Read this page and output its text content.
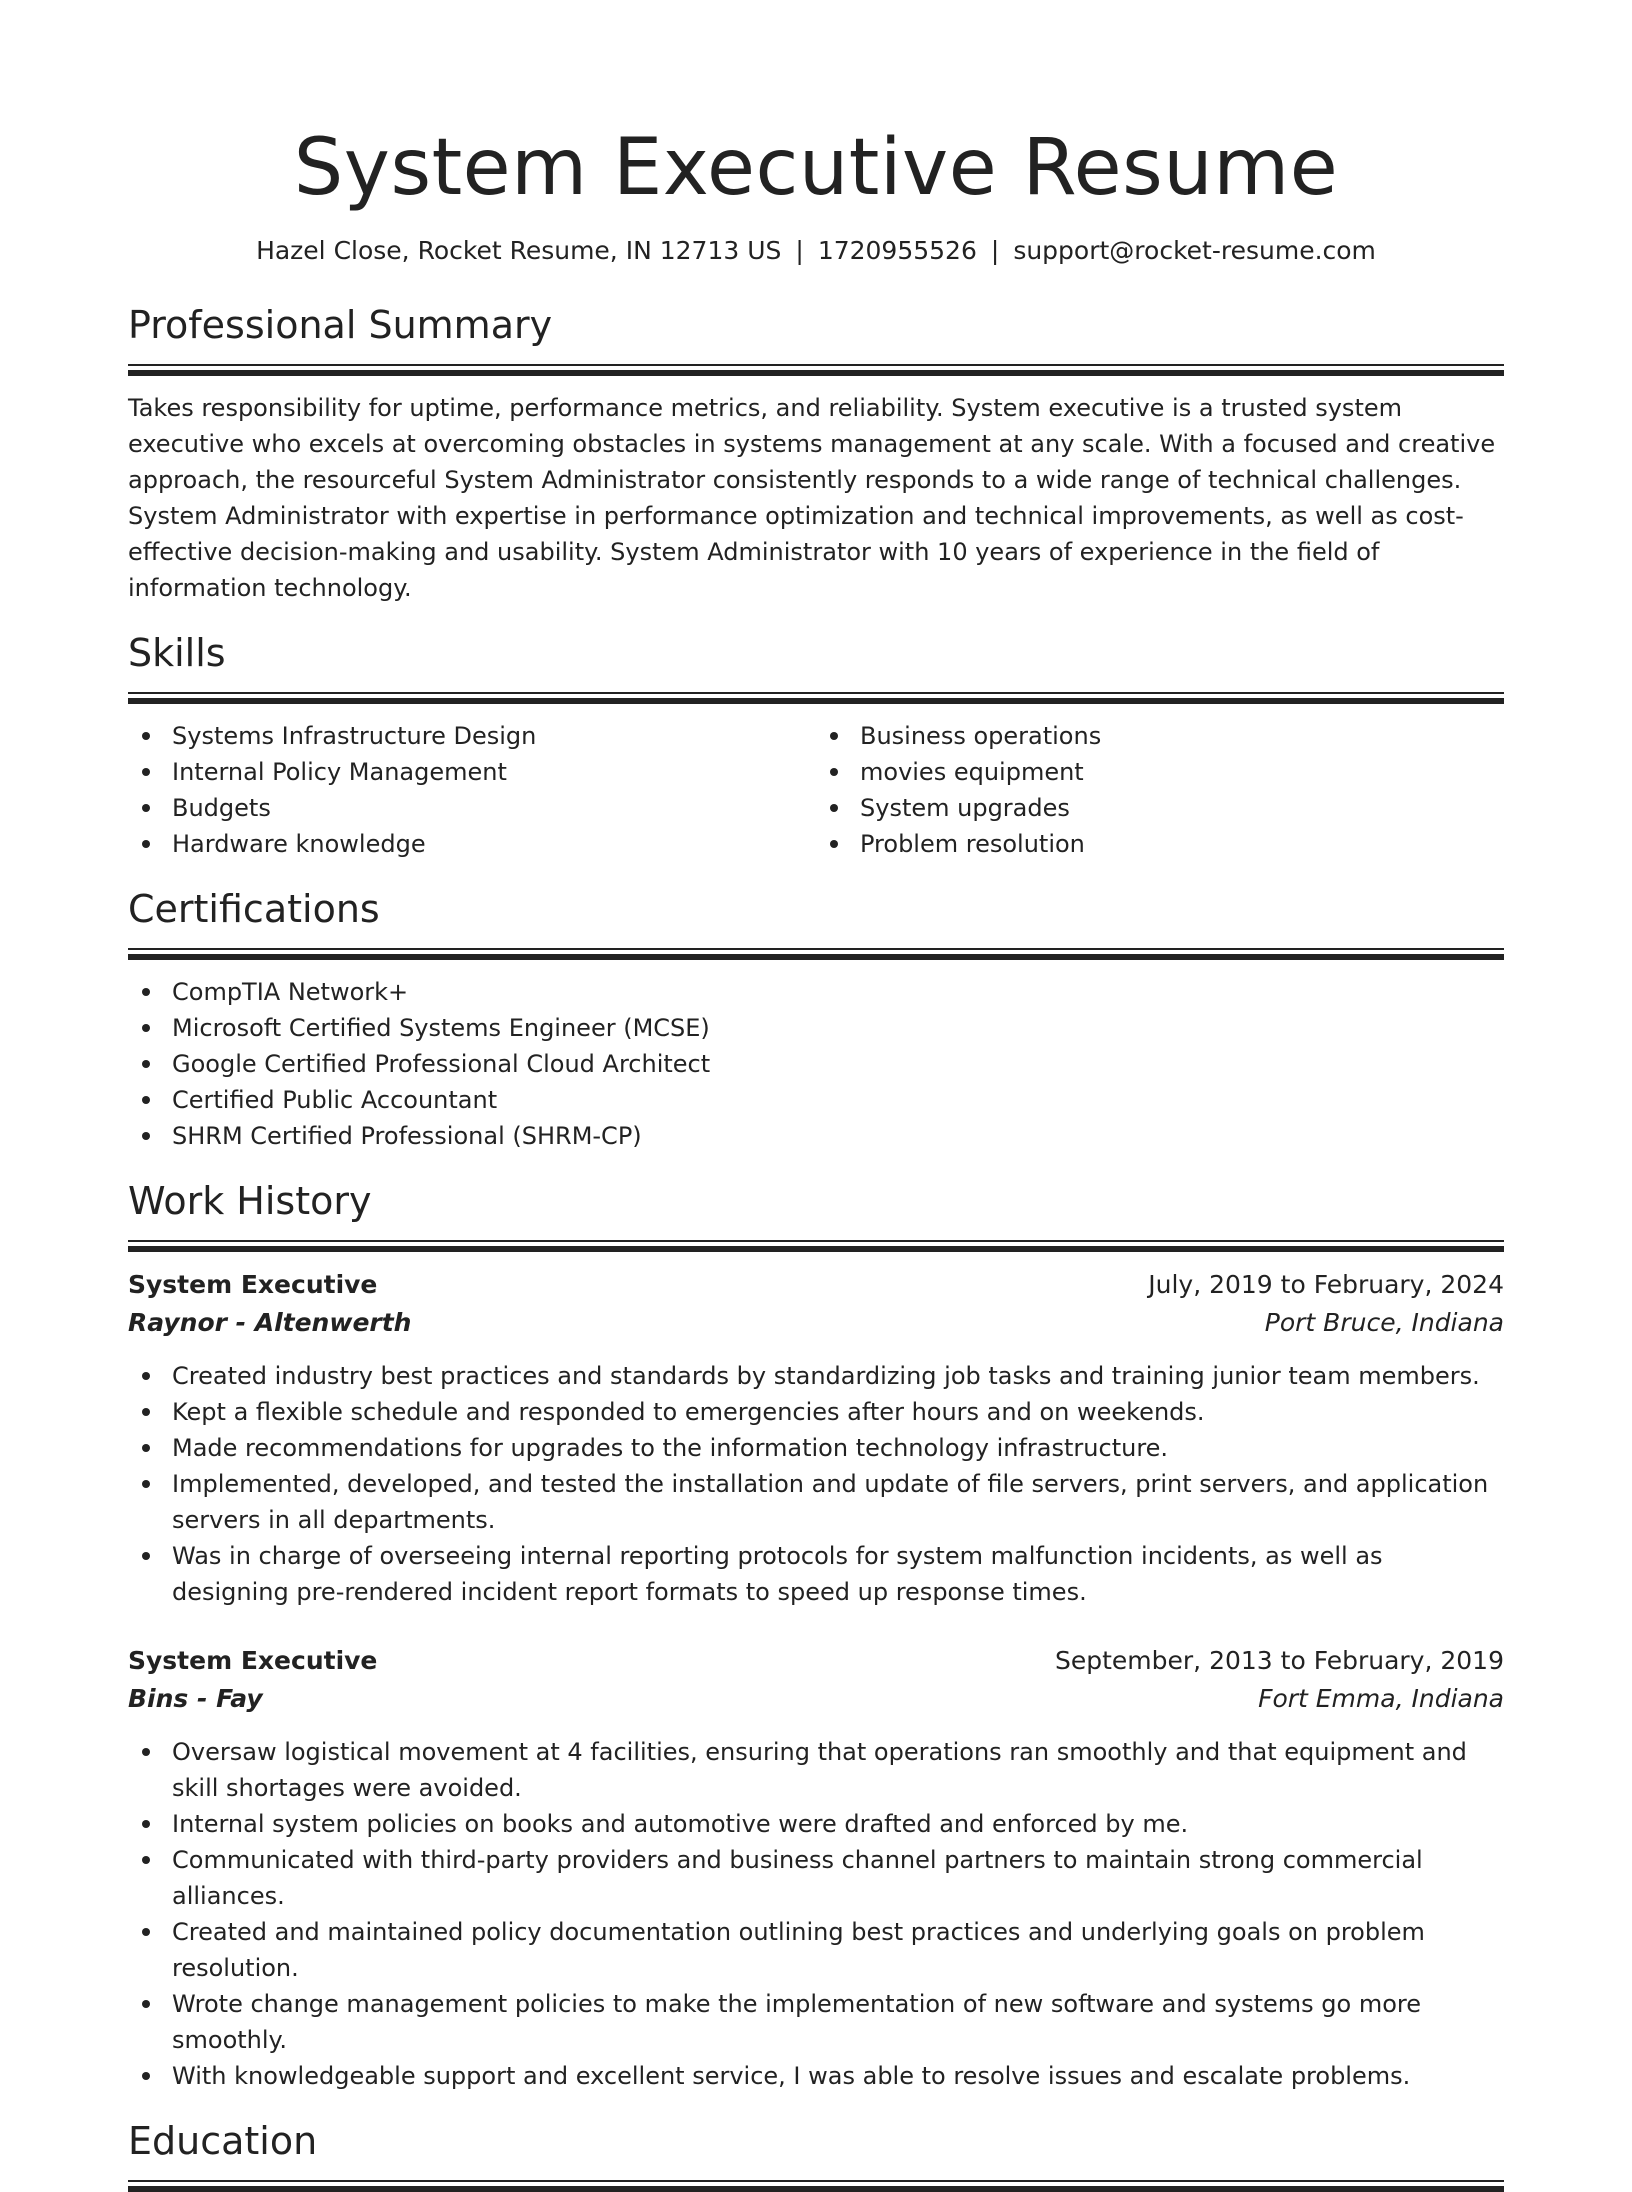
System Executive Resume
Hazel Close, Rocket Resume, IN 12713 US | 1720955526 | support@rocket-resume.com
Professional Summary

Takes responsibility for uptime, performance metrics, and reliability. System executive is a trusted system executive who excels at overcoming obstacles in systems management at any scale. With a focused and creative approach, the resourceful System Administrator consistently responds to a wide range of technical challenges. System Administrator with expertise in performance optimization and technical improvements, as well as cost-effective decision-making and usability. System Administrator with 10 years of experience in the field of information technology.

Skills
Systems Infrastructure Design
Internal Policy Management
Budgets
Hardware knowledge
Business operations
movies equipment
System upgrades
Problem resolution
Certifications
CompTIA Network+
Microsoft Certified Systems Engineer (MCSE)
Google Certified Professional Cloud Architect
Certified Public Accountant
SHRM Certified Professional (SHRM-CP)
Work History
System Executive	July, 2019 to February, 2024
Raynor - Altenwerth	Port Bruce, Indiana
Created industry best practices and standards by standardizing job tasks and training junior team members.
Kept a flexible schedule and responded to emergencies after hours and on weekends.
Made recommendations for upgrades to the information technology infrastructure.
Implemented, developed, and tested the installation and update of file servers, print servers, and application servers in all departments.
Was in charge of overseeing internal reporting protocols for system malfunction incidents, as well as designing pre-rendered incident report formats to speed up response times.
System Executive	September, 2013 to February, 2019
Bins - Fay	Fort Emma, Indiana
Oversaw logistical movement at 4 facilities, ensuring that operations ran smoothly and that equipment and skill shortages were avoided.
Internal system policies on books and automotive were drafted and enforced by me.
Communicated with third-party providers and business channel partners to maintain strong commercial alliances.
Created and maintained policy documentation outlining best practices and underlying goals on problem resolution.
Wrote change management policies to make the implementation of new software and systems go more smoothly.
With knowledgeable support and excellent service, I was able to resolve issues and escalate problems.
Education
